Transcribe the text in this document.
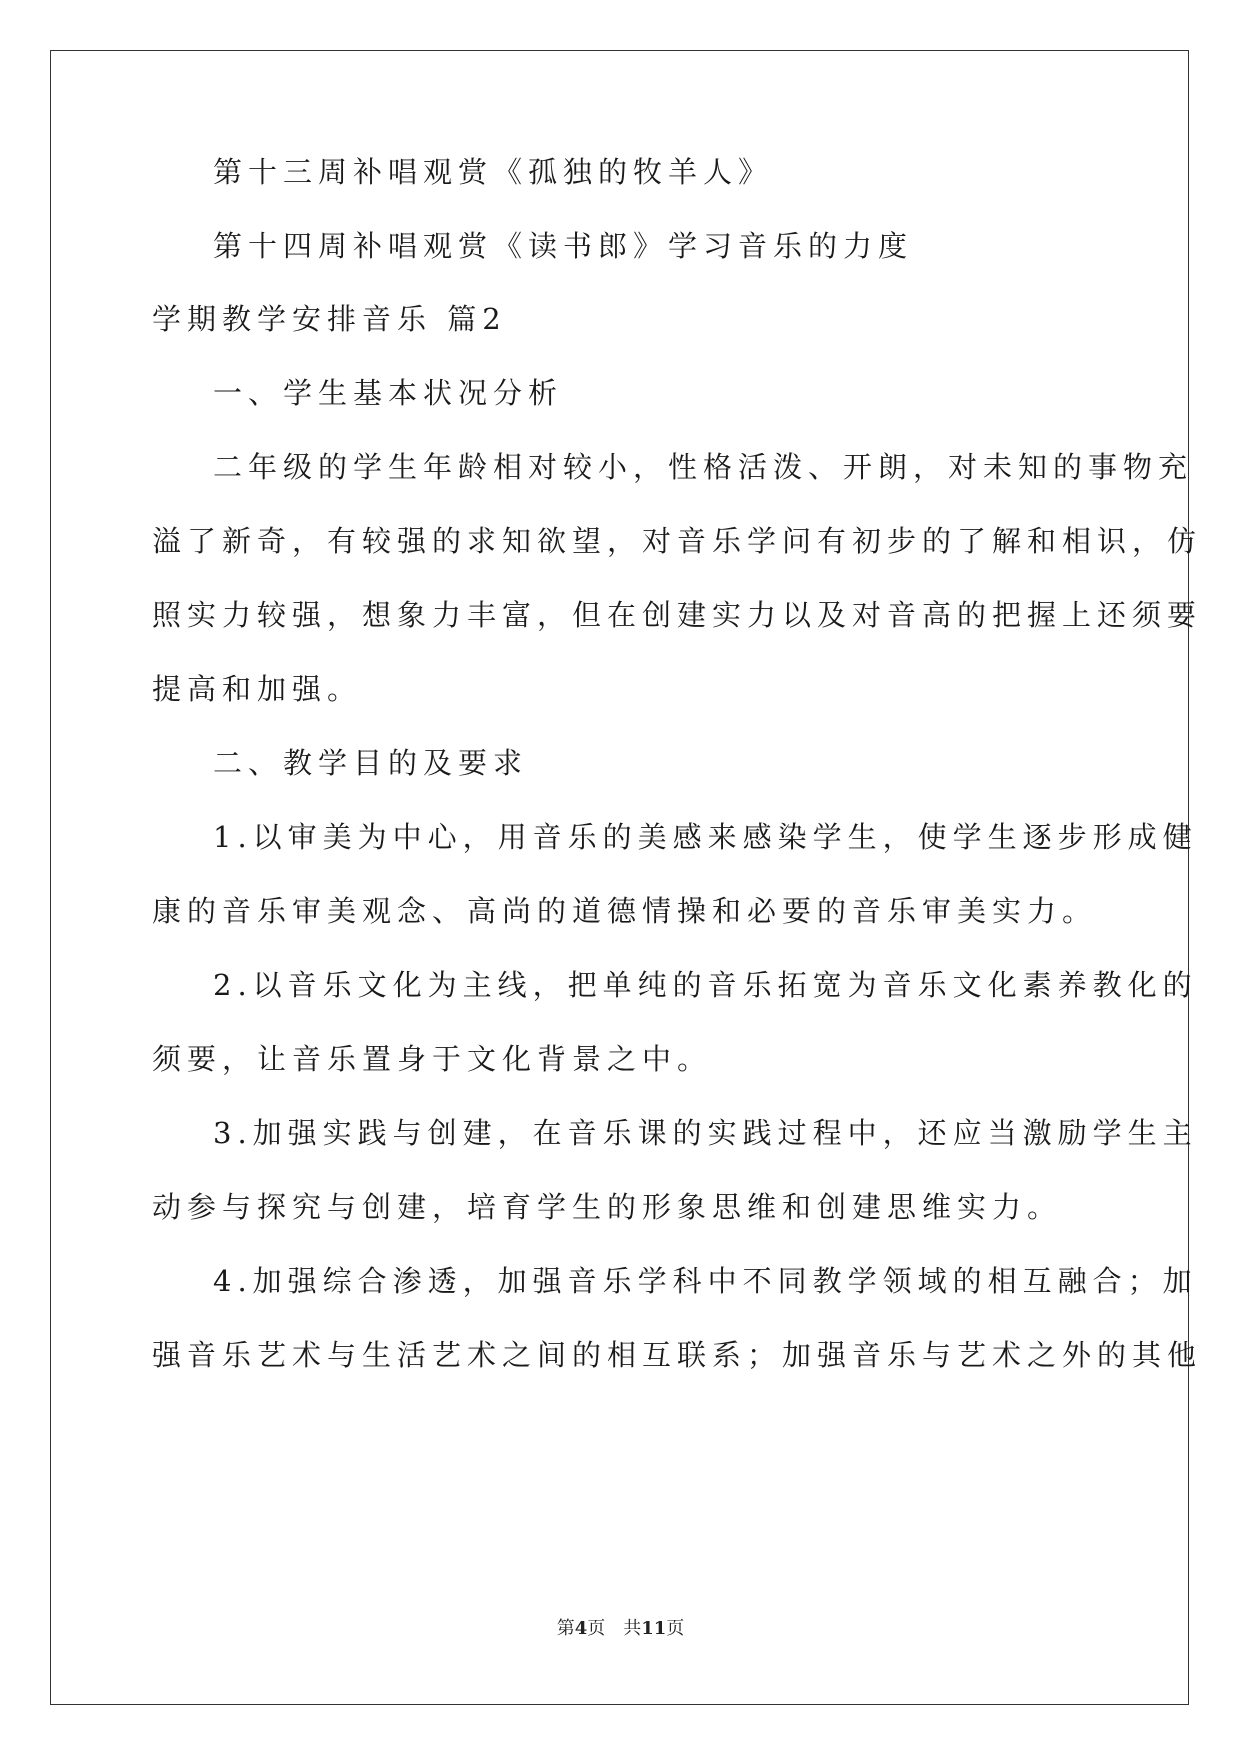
第十三周补唱观赏《孤独的牧羊人》
第十四周补唱观赏《读书郎》学习音乐的力度
学期教学安排音乐 篇2
一、学生基本状况分析
二年级的学生年龄相对较小，性格活泼、开朗，对未知的事物充
溢了新奇，有较强的求知欲望，对音乐学问有初步的了解和相识，仿
照实力较强，想象力丰富，但在创建实力以及对音高的把握上还须要
提高和加强。
二、教学目的及要求
1.以审美为中心，用音乐的美感来感染学生，使学生逐步形成健
康的音乐审美观念、高尚的道德情操和必要的音乐审美实力。
2.以音乐文化为主线，把单纯的音乐拓宽为音乐文化素养教化的
须要，让音乐置身于文化背景之中。
3.加强实践与创建，在音乐课的实践过程中，还应当激励学生主
动参与探究与创建，培育学生的形象思维和创建思维实力。
4.加强综合渗透，加强音乐学科中不同教学领域的相互融合；加
强音乐艺术与生活艺术之间的相互联系；加强音乐与艺术之外的其他
第4页 共11页
